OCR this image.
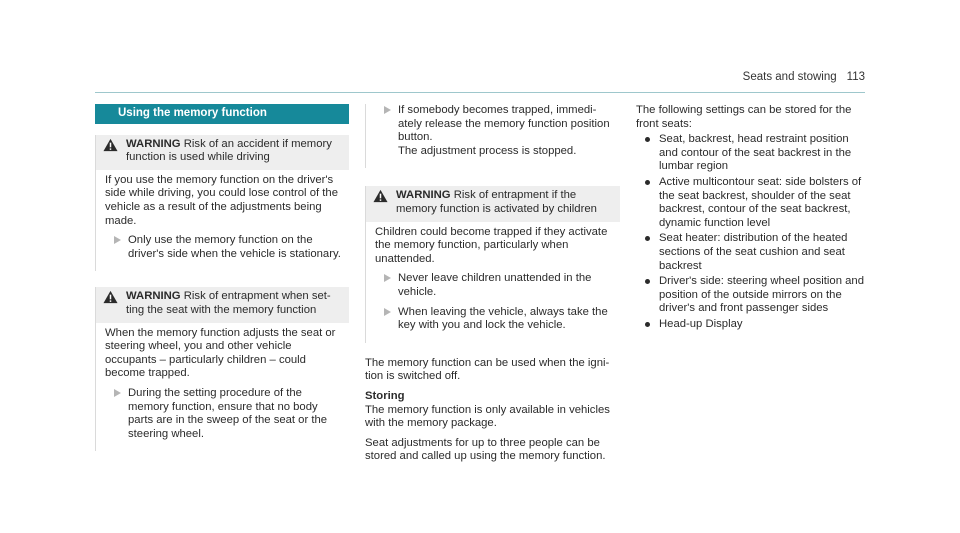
Seats and stowing 113
Using the memory function
WARNING Risk of an accident if memory function is used while driving

If you use the memory function on the driver's side while driving, you could lose control of the vehicle as a result of the adjustments being made.

Only use the memory function on the driver's side when the vehicle is stationary.
WARNING Risk of entrapment when setting the seat with the memory function

When the memory function adjusts the seat or steering wheel, you and other vehicle occupants – particularly children – could become trapped.

During the setting procedure of the memory function, ensure that no body parts are in the sweep of the seat or the steering wheel.
If somebody becomes trapped, immediately release the memory function position button.
The adjustment process is stopped.
WARNING Risk of entrapment if the memory function is activated by children

Children could become trapped if they activate the memory function, particularly when unattended.

Never leave children unattended in the vehicle.
When leaving the vehicle, always take the key with you and lock the vehicle.

The memory function can be used when the ignition is switched off.

Storing

The memory function is only available in vehicles with the memory package.

Seat adjustments for up to three people can be stored and called up using the memory function.

The following settings can be stored for the front seats:

Seat, backrest, head restraint position and contour of the seat backrest in the lumbar region
Active multicontour seat: side bolsters of the seat backrest, shoulder of the seat backrest, contour of the seat backrest, dynamic function level
Seat heater: distribution of the heated sections of the seat cushion and seat backrest
Driver's side: steering wheel position and position of the outside mirrors on the driver's and front passenger sides
Head-up Display
